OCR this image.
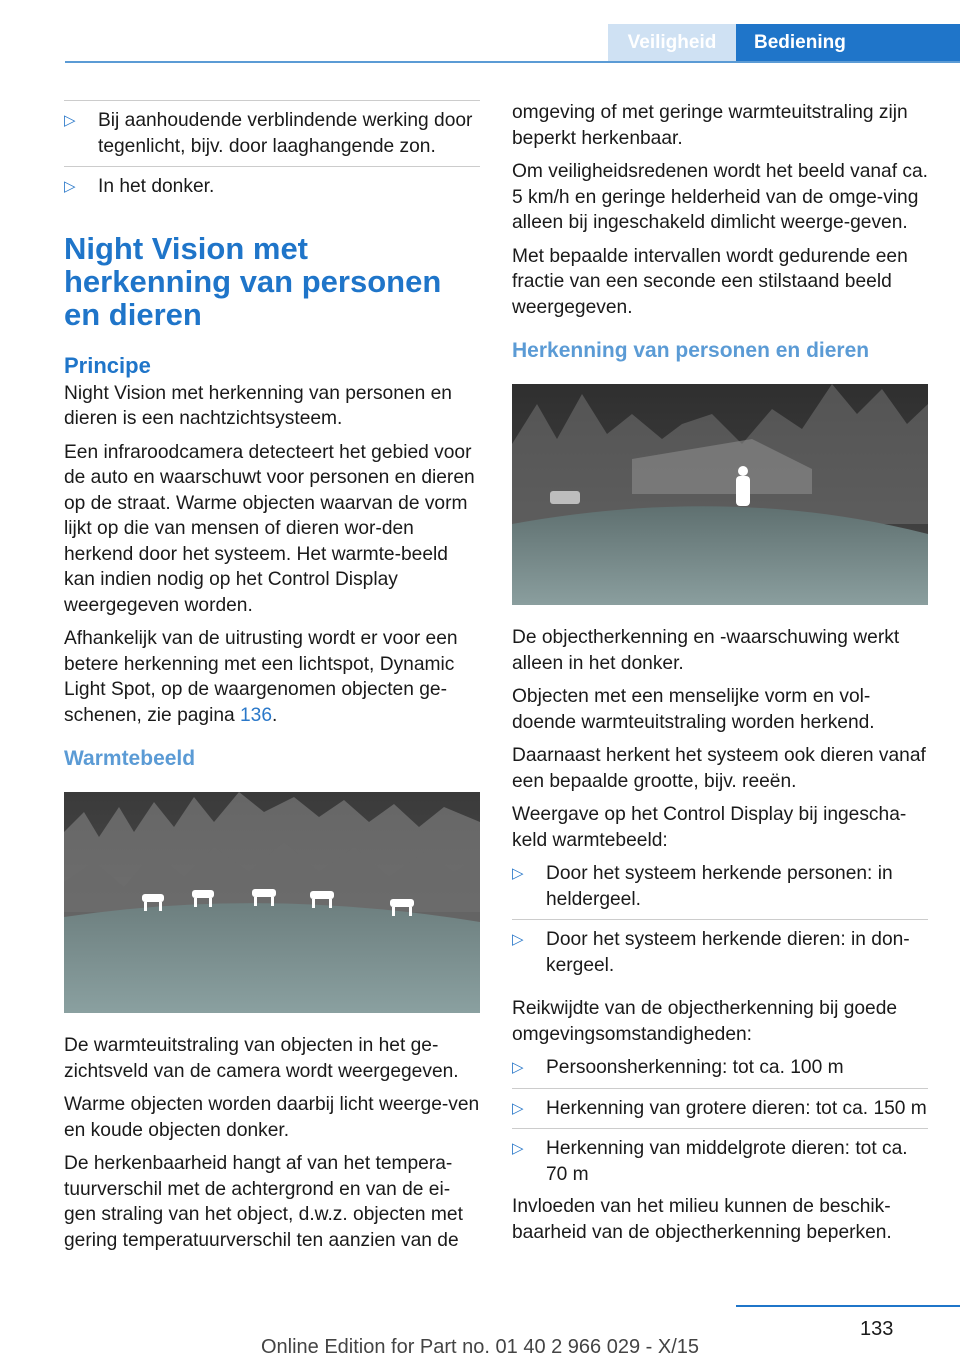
Veiligheid	Bediening
▷ Bij aanhoudende verblindende werking door tegenlicht, bijv. door laaghangende zon.
▷ In het donker.
Night Vision met herkenning van personen en dieren
Principe

Night Vision met herkenning van personen en dieren is een nachtzichtsysteem.

Een infraroodcamera detecteert het gebied voor de auto en waarschuwt voor personen en dieren op de straat. Warme objecten waarvan de vorm lijkt op die van mensen of dieren wor-den herkend door het systeem. Het warmte-beeld kan indien nodig op het Control Display weergegeven worden.

Afhankelijk van de uitrusting wordt er voor een betere herkenning met een lichtspot, Dynamic Light Spot, op de waargenomen objecten ge-schenen, zie pagina 136.

Warmtebeeld

De warmteuitstraling van objecten in het ge-zichtsveld van de camera wordt weergegeven.

Warme objecten worden daarbij licht weerge-ven en koude objecten donker.

De herkenbaarheid hangt af van het tempera-tuurverschil met de achtergrond en van de ei-gen straling van het object, d.w.z. objecten met gering temperatuurverschil ten aanzien van de

omgeving of met geringe warmteuitstraling zijn beperkt herkenbaar.

Om veiligheidsredenen wordt het beeld vanaf ca. 5 km/h en geringe helderheid van de omge-ving alleen bij ingeschakeld dimlicht weerge-geven.

Met bepaalde intervallen wordt gedurende een fractie van een seconde een stilstaand beeld weergegeven.

Herkenning van personen en dieren

De objectherkenning en -waarschuwing werkt alleen in het donker.

Objecten met een menselijke vorm en vol-doende warmteuitstraling worden herkend.

Daarnaast herkent het systeem ook dieren vanaf een bepaalde grootte, bijv. reeën.

Weergave op het Control Display bij ingescha-keld warmtebeeld:

▷ Door het systeem herkende personen: in heldergeel.
▷ Door het systeem herkende dieren: in don-kergeel.

Reikwijdte van de objectherkenning bij goede omgevingsomstandigheden:

▷ Persoonsherkenning: tot ca. 100 m
▷ Herkenning van grotere dieren: tot ca. 150 m
▷ Herkenning van middelgrote dieren: tot ca. 70 m

Invloeden van het milieu kunnen de beschik-baarheid van de objectherkenning beperken.

133
Online Edition for Part no. 01 40 2 966 029 - X/15
